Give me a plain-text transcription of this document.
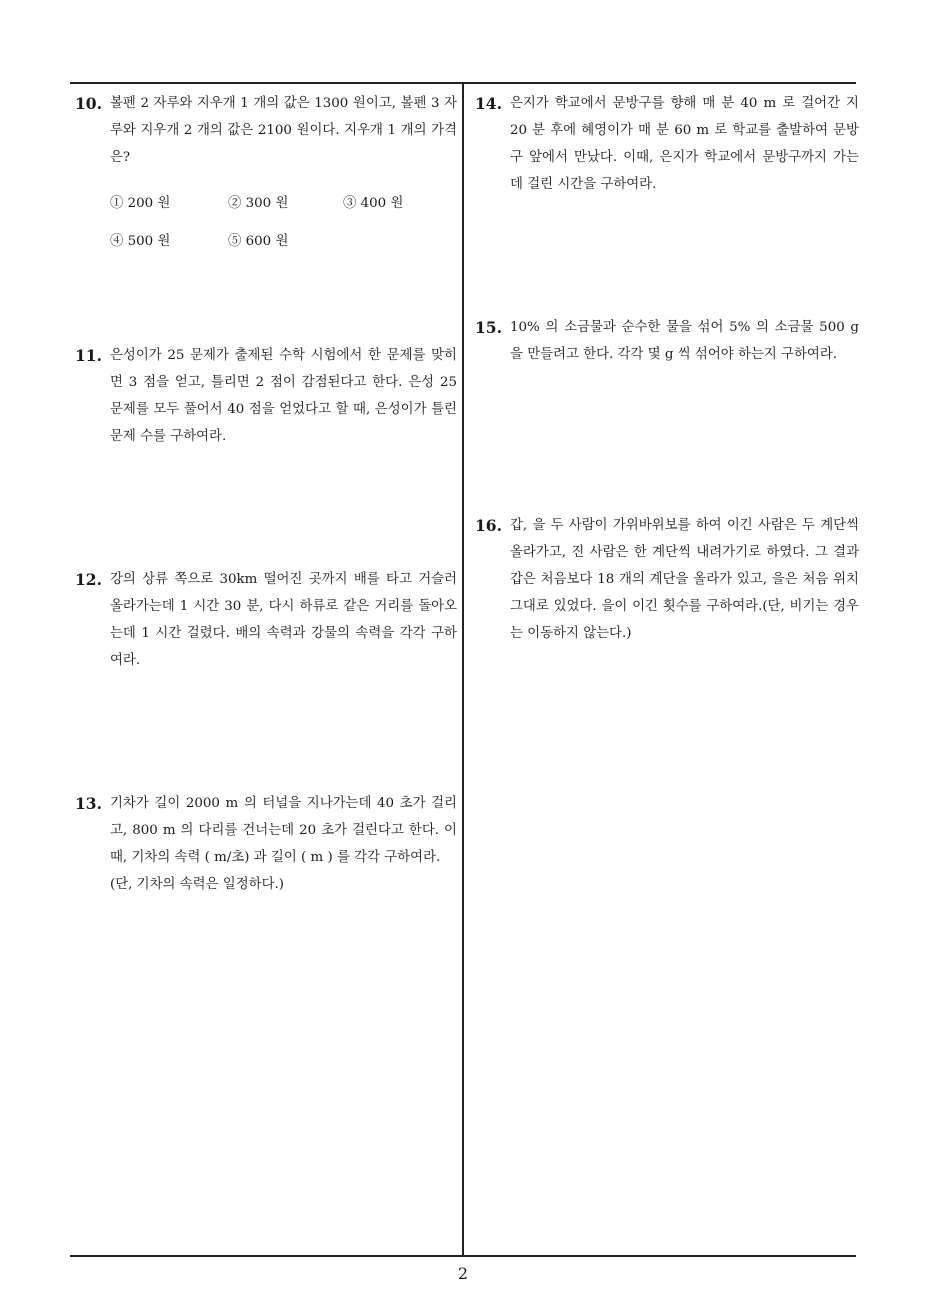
10. 볼펜 2 자루와 지우개 1 개의 값은 1300 원이고, 볼펜 3 자루와 지우개 2 개의 값은 2100 원이다. 지우개 1 개의 가격은?

① 200 원	② 300 원	③ 400 원
④ 500 원	⑤ 600 원
11. 은성이가 25 문제가 출제된 수학 시험에서 한 문제를 맞히면 3 점을 얻고, 틀리면 2 점이 감점된다고 한다. 은성 25 문제를 모두 풀어서 40 점을 얻었다고 할 때, 은성이가 틀린 문제 수를 구하여라.

12. 강의 상류 쪽으로 30km 떨어진 곳까지 배를 타고 거슬러 올라가는데 1 시간 30 분, 다시 하류로 같은 거리를 돌아오는데 1 시간 걸렸다. 배의 속력과 강물의 속력을 각각 구하여라.

13. 기차가 길이 2000 m 의 터널을 지나가는데 40 초가 걸리고, 800 m 의 다리를 건너는데 20 초가 걸린다고 한다. 이때, 기차의 속력 ( m/초) 과 길이 ( m ) 를 각각 구하여라.

(단, 기차의 속력은 일정하다.)

14. 은지가 학교에서 문방구를 향해 매 분 40 m 로 걸어간 지 20 분 후에 혜영이가 매 분 60 m 로 학교를 출발하여 문방구 앞에서 만났다. 이때, 은지가 학교에서 문방구까지 가는 데 걸린 시간을 구하여라.

15. 10% 의 소금물과 순수한 물을 섞어 5% 의 소금물 500 g 을 만들려고 한다. 각각 몇 g 씩 섞어야 하는지 구하여라.

16. 갑, 을 두 사람이 가위바위보를 하여 이긴 사람은 두 계단씩 올라가고, 진 사람은 한 계단씩 내려가기로 하였다. 그 결과 갑은 처음보다 18 개의 계단을 올라가 있고, 을은 처음 위치 그대로 있었다. 을이 이긴 횟수를 구하여라.(단, 비기는 경우는 이동하지 않는다.)

2
